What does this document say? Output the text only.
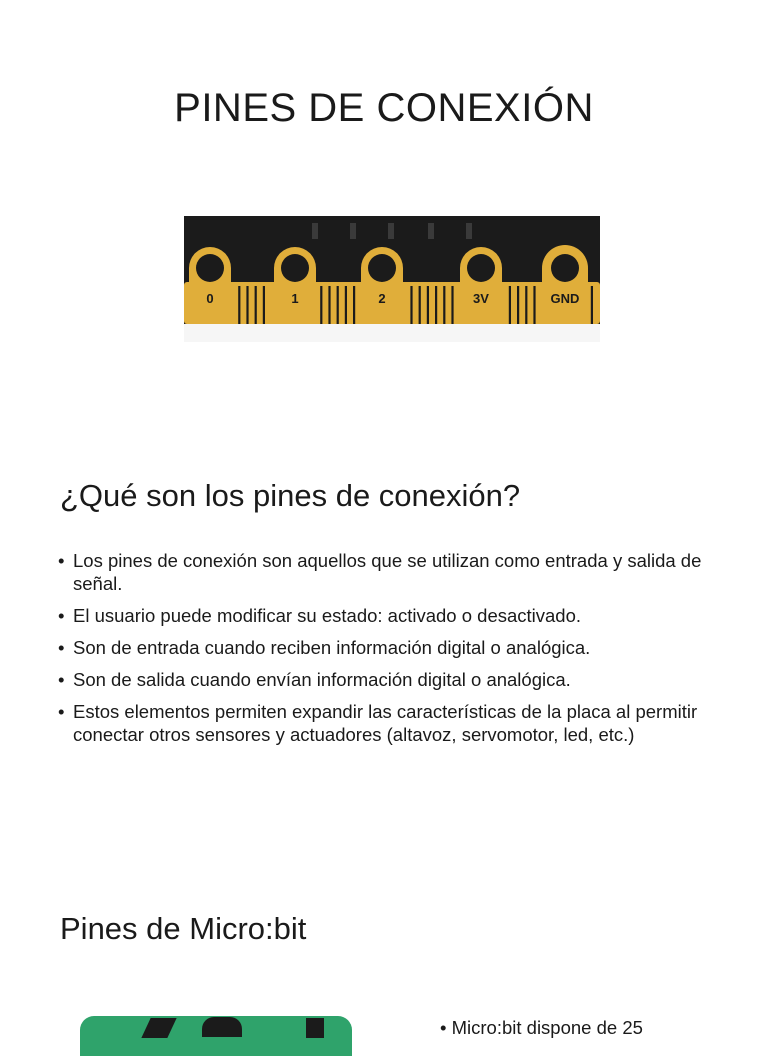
PINES DE CONEXIÓN
0	1	2	3V	GND
¿Qué son los pines de conexión?
• Los pines de conexión son aquellos que se utilizan como entrada y salida de señal.
• El usuario puede modificar su estado: activado o desactivado.
• Son de entrada cuando reciben información digital o analógica.
• Son de salida cuando envían información digital o analógica.
• Estos elementos permiten expandir las características de la placa al permitir conectar otros sensores y actuadores (altavoz, servomotor, led, etc.)
Pines de Micro:bit
• Micro:bit dispone de 25
